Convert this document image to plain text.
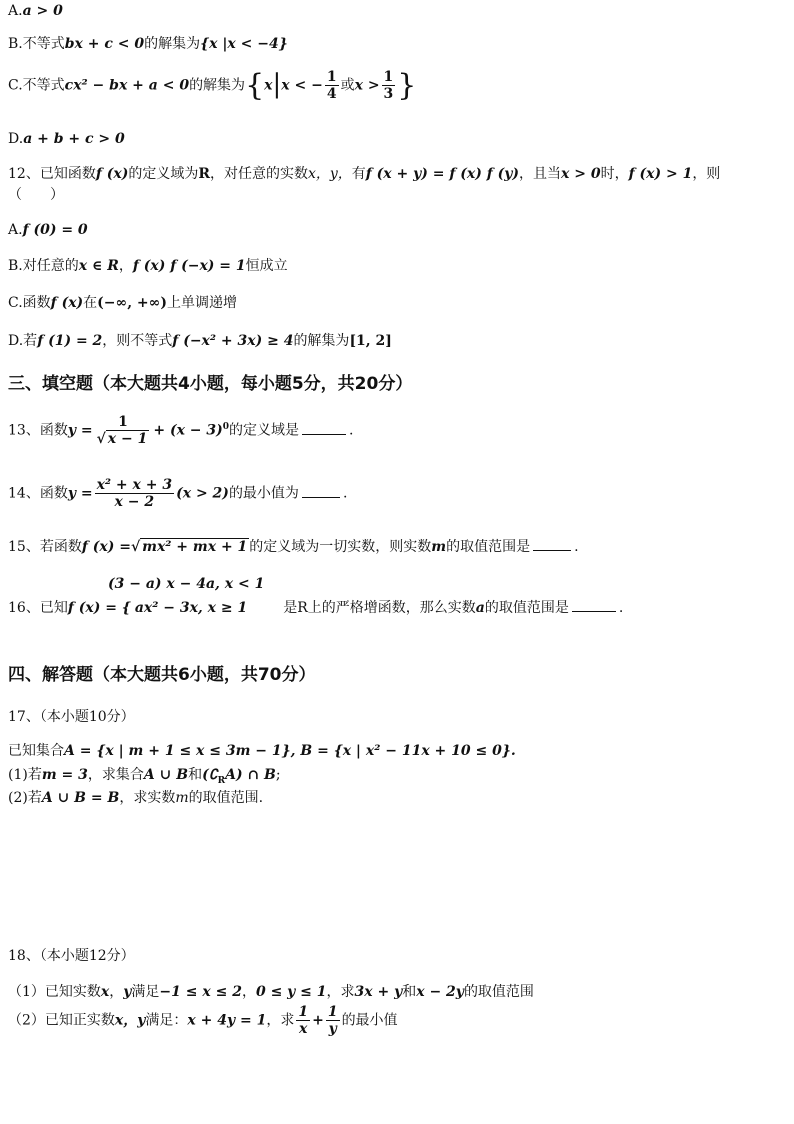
A.a > 0
B.不等式bx + c < 0的解集为{x |x < −4}
C.不等式cx² − bx + a < 0的解集为{x|x < − $\frac{1}{4}$ 或$x > \frac{1}{3}$ }
D.a + b + c > 0
12、已知函数f (x)的定义域为R，对任意的实数x，y，有f (x + y) = f (x) f (y)，且当x > 0时，f (x) > 1，则
（　　）
A.f (0) = 0
B.对任意的x ∈ R，f (x) f (−x) = 1恒成立
C.函数f (x)在(−∞, +∞)上单调递增
D.若f (1) = 2，则不等式f (−x² + 3x) ≥ 4的解集为[1, 2]
三、填空题（本大题共4小题，每小题5分，共20分）
13、函数$y = \frac{1}{√ x - 1} + (x - 3)^0$的定义域是	.
14、函数$y = \frac{\text{x² + x + 3}}{x - 2} (x > 2)$的最小值为	.
15、若函数f (x) =√ mx² + mx + 1 的定义域为一切实数，则实数m的取值范围是	.
(3 − a) x − 4a, x < 1
16、已知f (x) = { ax² − 3x, x ≥ 1	是R上的严格增函数，那么实数a的取值范围是	.
四、解答题（本大题共6小题，共70分）
17、（本小题10分）
已知集合A = {x | m + 1 ≤ x ≤ 3m − 1}, B = {x | x² − 11x + 10 ≤ 0}.
(1)若m = 3，求集合A ∪ B和$(∁_RA)$ ∩ B;
(2)若A ∪ B = B，求实数m的取值范围.
18、（本小题12分）
（1）已知实数x，y满足−1 ≤ x ≤ 2，0 ≤ y ≤ 1，求3x + y和x − 2y的取值范围
（2）已知正实数x，y满足：x + 4y = 1，求 $\frac{1}{x} + \frac{1}{y}$ 的最小值
